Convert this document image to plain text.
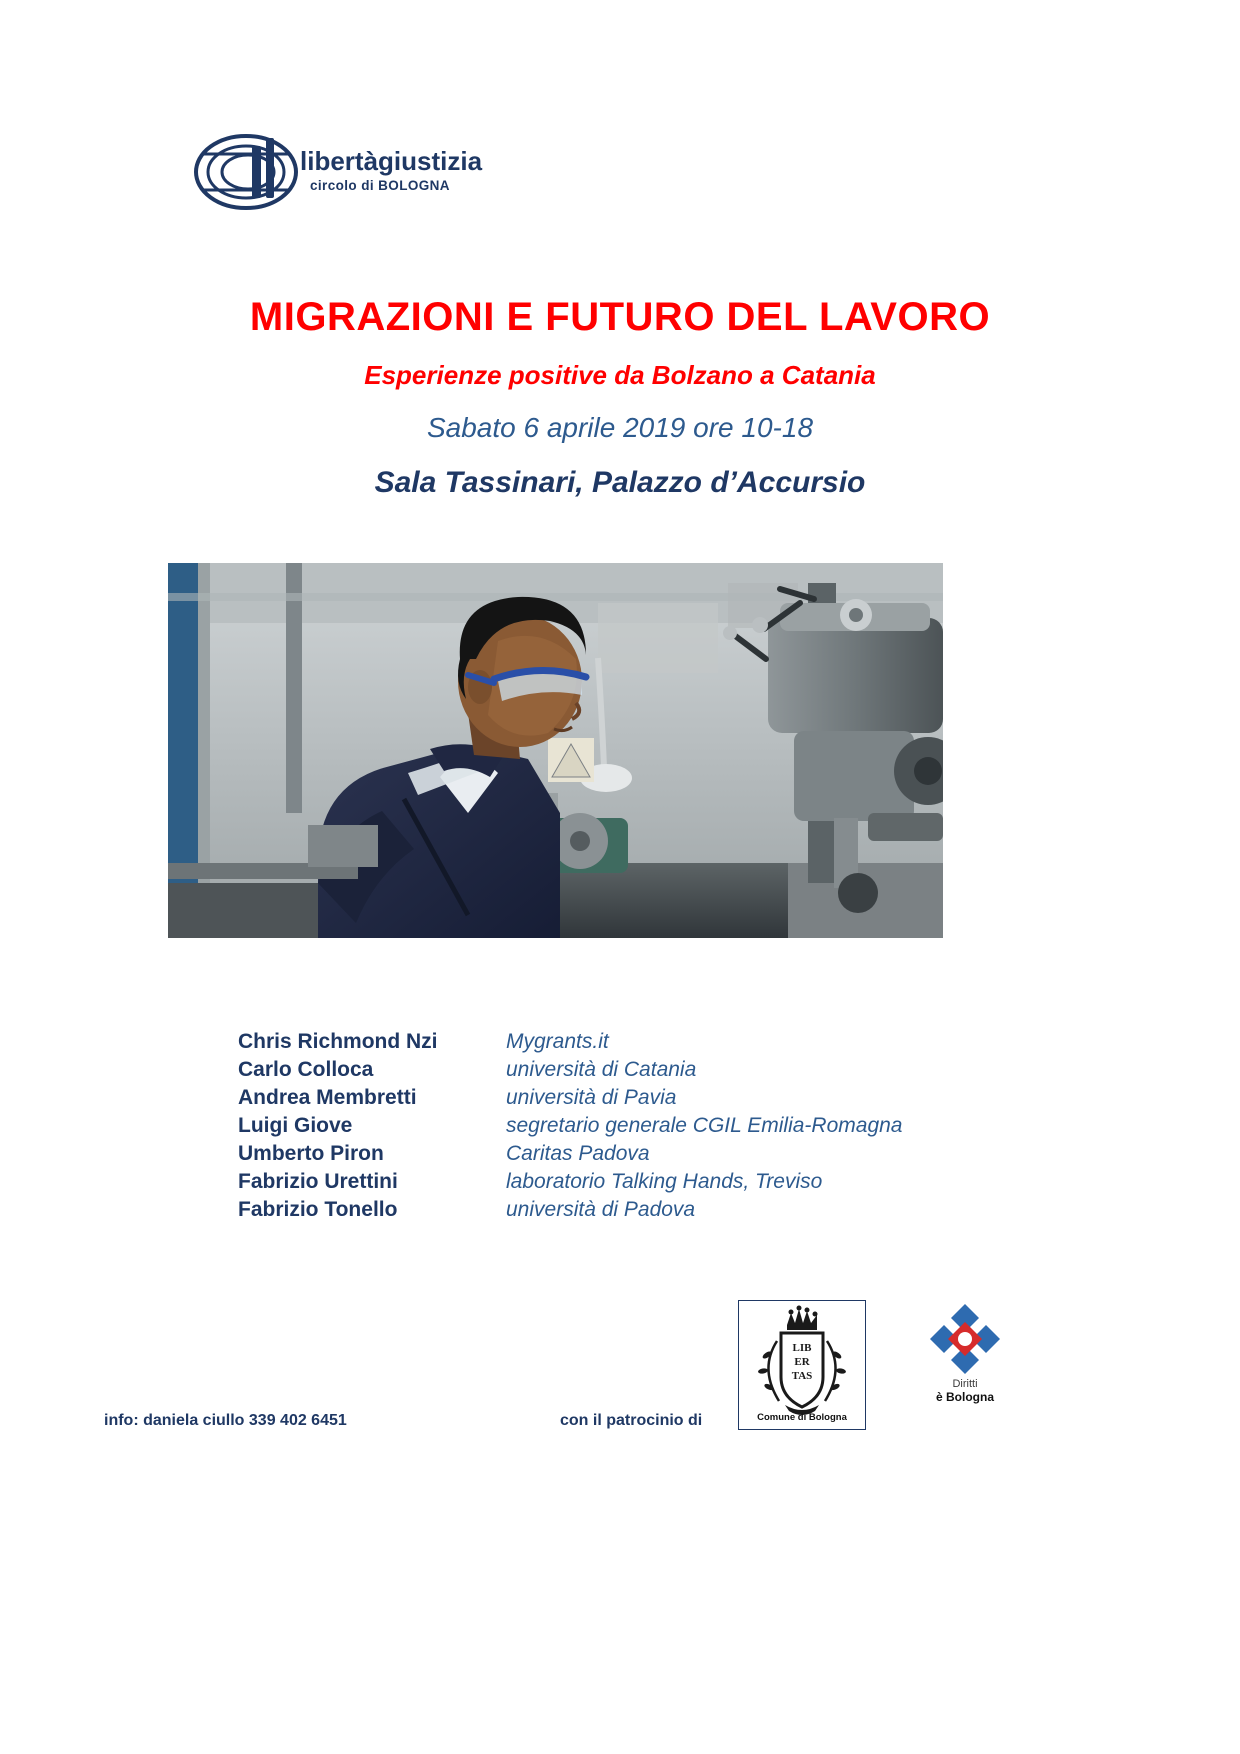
libertàgiustizia
circolo di BOLOGNA
MIGRAZIONI E FUTURO DEL LAVORO
Esperienze positive da Bolzano a Catania
Sabato 6 aprile 2019 ore 10-18
Sala Tassinari, Palazzo d’Accursio
Chris Richmond Nzi	Mygrants.it
Carlo Colloca	università di Catania
Andrea Membretti	università di Pavia
Luigi Giove	segretario generale CGIL Emilia-Romagna
Umberto Piron	Caritas Padova
Fabrizio Urettini	laboratorio Talking Hands, Treviso
Fabrizio Tonello	università di Padova
info: daniela ciullo 339 402 6451	con il patrocinio di
LIB
ER
TAS
Comune di Bologna
Diritti
è Bologna
